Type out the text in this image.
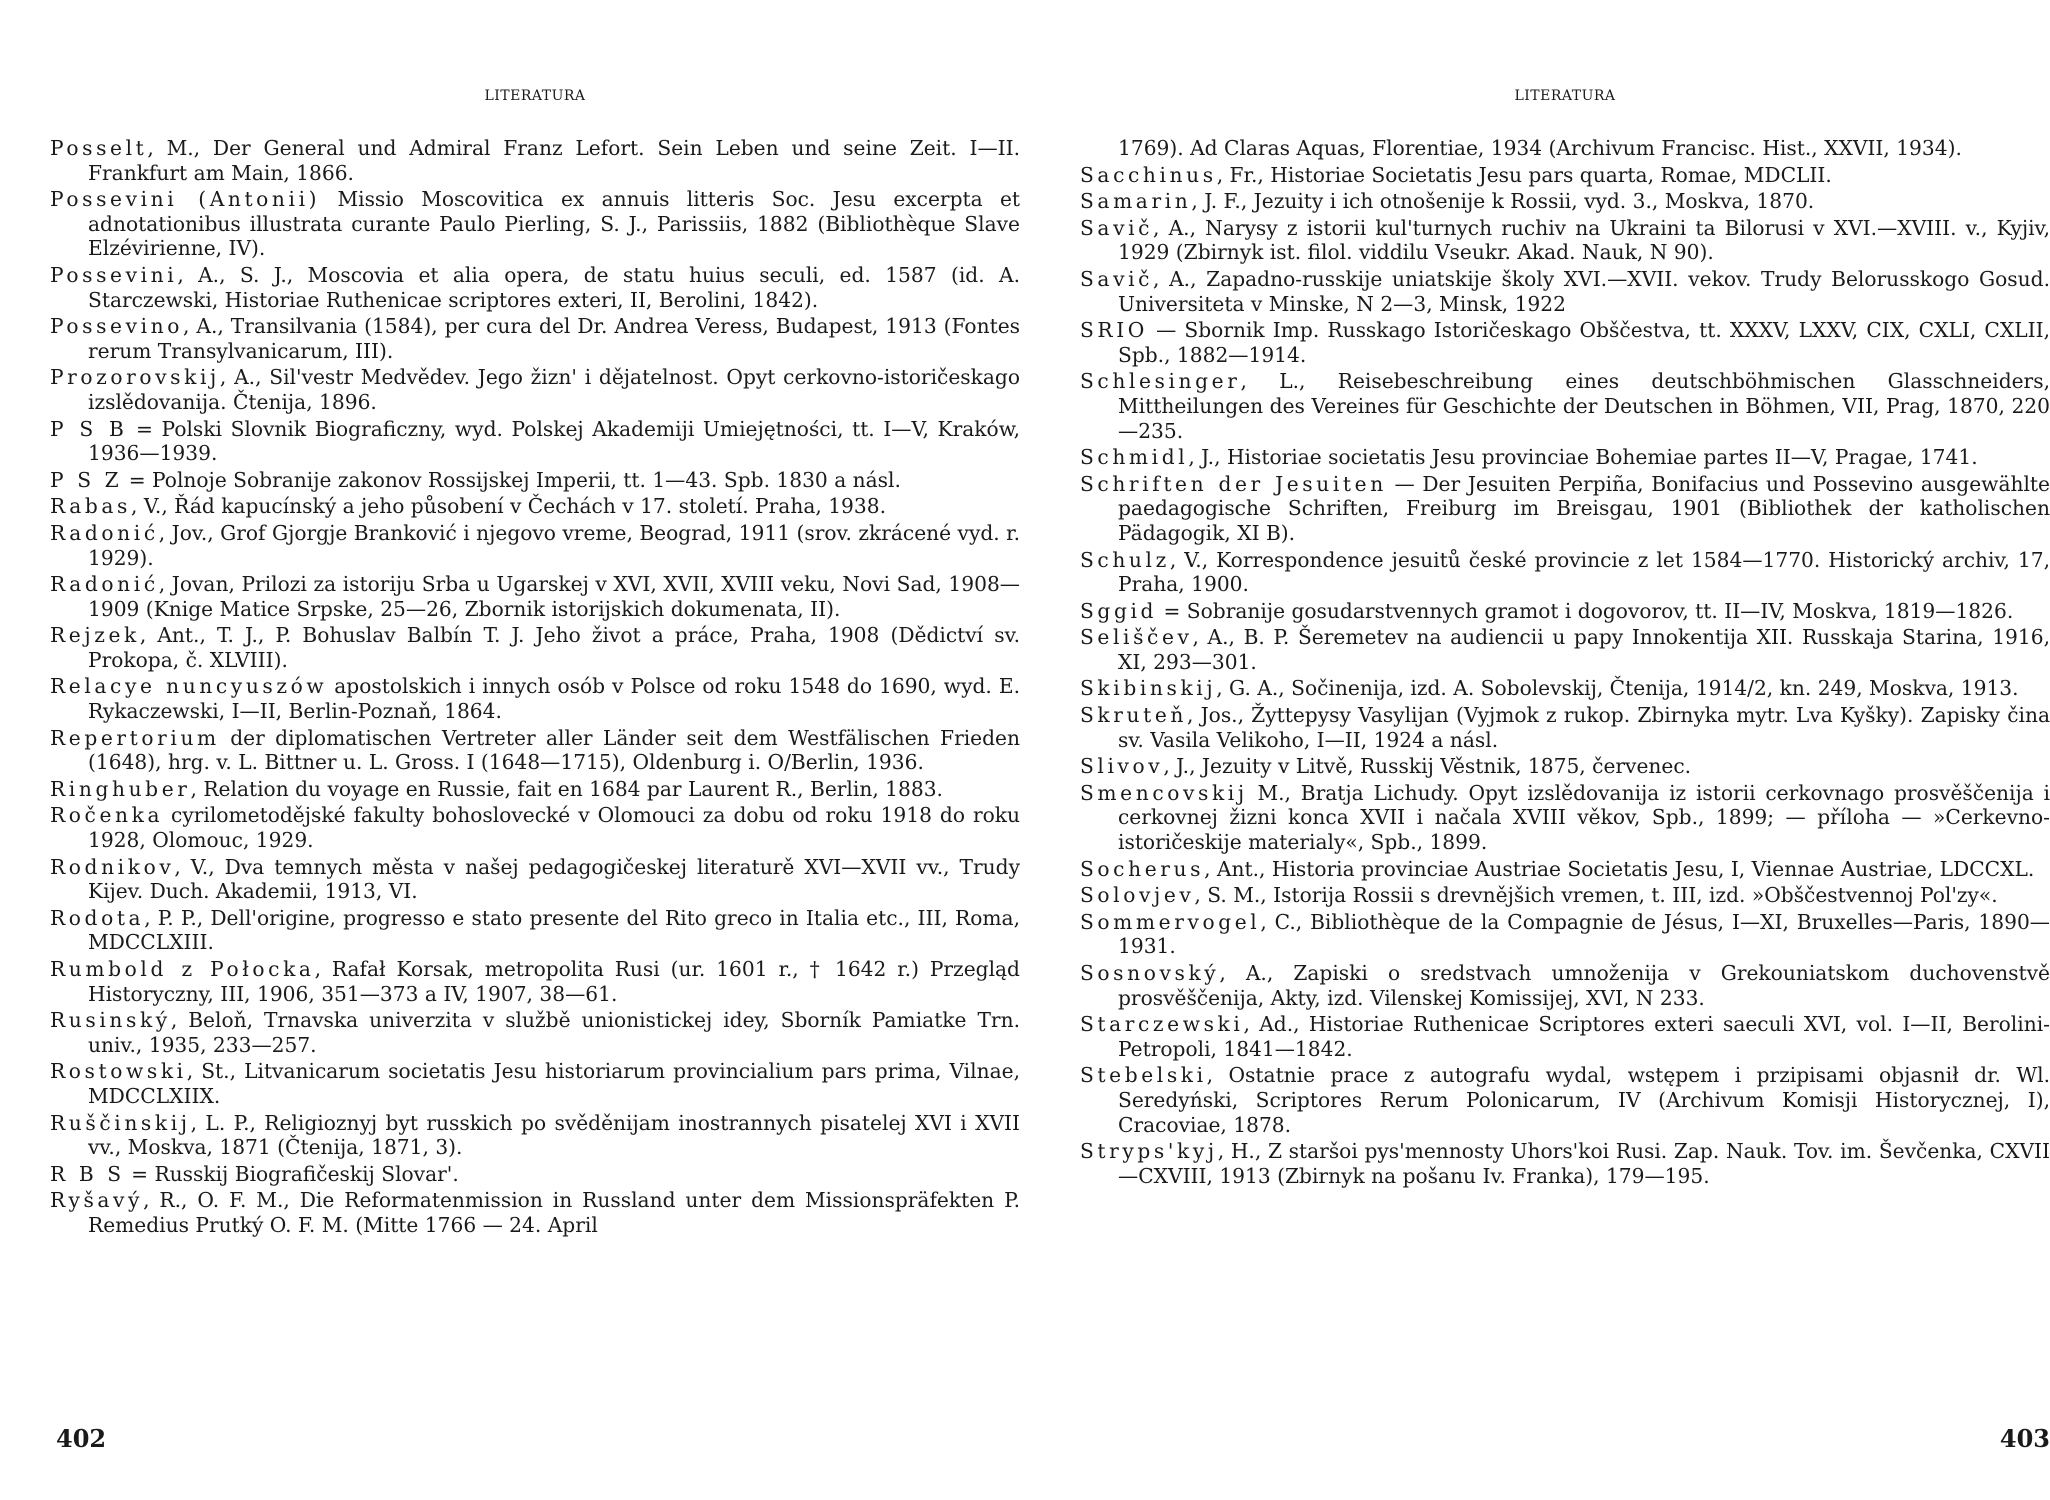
LITERATURA

Posselt, M., Der General und Admiral Franz Lefort. Sein Leben und seine Zeit. I—II. Frankfurt am Main, 1866.

Possevini (Antonii) Missio Moscovitica ex annuis litteris Soc. Jesu excerpta et adnotationibus illustrata curante Paulo Pierling, S. J., Parissiis, 1882 (Bibliothèque Slave Elzévirienne, IV).

Possevini, A., S. J., Moscovia et alia opera, de statu huius seculi, ed. 1587 (id. A. Starczewski, Historiae Ruthenicae scriptores exteri, II, Berolini, 1842).

Possevino, A., Transilvania (1584), per cura del Dr. Andrea Veress, Budapest, 1913 (Fontes rerum Transylvanicarum, III).

Prozorovskij, A., Sil'vestr Medvědev. Jego žizn' i dějatelnost. Opyt cerkovno-istoričeskago izslědovanija. Čtenija, 1896.

P S B = Polski Slovnik Biograficzny, wyd. Polskej Akademiji Umiejętności, tt. I—V, Kraków, 1936—1939.

P S Z = Polnoje Sobranije zakonov Rossijskej Imperii, tt. 1—43. Spb. 1830 a násl.

Rabas, V., Řád kapucínský a jeho působení v Čechách v 17. století. Praha, 1938.

Radonić, Jov., Grof Gjorgje Branković i njegovo vreme, Beograd, 1911 (srov. zkrácené vyd. r. 1929).

Radonić, Jovan, Prilozi za istoriju Srba u Ugarskej v XVI, XVII, XVIII veku, Novi Sad, 1908—1909 (Knige Matice Srpske, 25—26, Zbornik istorijskich dokumenata, II).

Rejzek, Ant., T. J., P. Bohuslav Balbín T. J. Jeho život a práce, Praha, 1908 (Dědictví sv. Prokopa, č. XLVIII).

Relacye nuncyuszów apostolskich i innych osób v Polsce od roku 1548 do 1690, wyd. E. Rykaczewski, I—II, Berlin-Poznaň, 1864.

Repertorium der diplomatischen Vertreter aller Länder seit dem Westfälischen Frieden (1648), hrg. v. L. Bittner u. L. Gross. I (1648—1715), Oldenburg i. O/Berlin, 1936.

Ringhuber, Relation du voyage en Russie, fait en 1684 par Laurent R., Berlin, 1883.

Ročenka cyrilometodějské fakulty bohoslovecké v Olomouci za dobu od roku 1918 do roku 1928, Olomouc, 1929.

Rodnikov, V., Dva temnych města v našej pedagogičeskej literaturě XVI—XVII vv., Trudy Kijev. Duch. Akademii, 1913, VI.

Rodota, P. P., Dell'origine, progresso e stato presente del Rito greco in Italia etc., III, Roma, MDCCLXIII.

Rumbold z Połocka, Rafał Korsak, metropolita Rusi (ur. 1601 r., † 1642 r.) Przegląd Historyczny, III, 1906, 351—373 a IV, 1907, 38—61.

Rusinský, Beloň, Trnavska univerzita v službě unionistickej idey, Sborník Pamiatke Trn. univ., 1935, 233—257.

Rostowski, St., Litvanicarum societatis Jesu historiarum provincialium pars prima, Vilnae, MDCCLXIIX.

Ruščinskij, L. P., Religioznyj byt russkich po svěděnijam inostrannych pisatelej XVI i XVII vv., Moskva, 1871 (Čtenija, 1871, 3).

R B S = Russkij Biografičeskij Slovar'.

Ryšavý, R., O. F. M., Die Reformatenmission in Russland unter dem Missionspräfekten P. Remedius Prutký O. F. M. (Mitte 1766 — 24. April

402
LITERATURA

1769). Ad Claras Aquas, Florentiae, 1934 (Archivum Francisc. Hist., XXVII, 1934).

Sacchinus, Fr., Historiae Societatis Jesu pars quarta, Romae, MDCLII.

Samarin, J. F., Jezuity i ich otnošenije k Rossii, vyd. 3., Moskva, 1870.

Savič, A., Narysy z istorii kul'turnych ruchiv na Ukraini ta Bilorusi v XVI.—XVIII. v., Kyjiv, 1929 (Zbirnyk ist. filol. viddilu Vseukr. Akad. Nauk, N 90).

Savič, A., Zapadno-russkije uniatskije školy XVI.—XVII. vekov. Trudy Belorusskogo Gosud. Universiteta v Minske, N 2—3, Minsk, 1922

SRIO — Sbornik Imp. Russkago Istoričeskago Obščestva, tt. XXXV, LXXV, CIX, CXLI, CXLII, Spb., 1882—1914.

Schlesinger, L., Reisebeschreibung eines deutschböhmischen Glasschneiders, Mittheilungen des Vereines für Geschichte der Deutschen in Böhmen, VII, Prag, 1870, 220—235.

Schmidl, J., Historiae societatis Jesu provinciae Bohemiae partes II—V, Pragae, 1741.

Schriften der Jesuiten — Der Jesuiten Perpiña, Bonifacius und Possevino ausgewählte paedagogische Schriften, Freiburg im Breisgau, 1901 (Bibliothek der katholischen Pädagogik, XI B).

Schulz, V., Korrespondence jesuitů české provincie z let 1584—1770. Historický archiv, 17, Praha, 1900.

Sggid = Sobranije gosudarstvennych gramot i dogovorov, tt. II—IV, Moskva, 1819—1826.

Seliščev, A., B. P. Šeremetev na audiencii u papy Innokentija XII. Russkaja Starina, 1916, XI, 293—301.

Skibinskij, G. A., Sočinenija, izd. A. Sobolevskij, Čtenija, 1914/2, kn. 249, Moskva, 1913.

Skruteň, Jos., Žyttepysy Vasylijan (Vyjmok z rukop. Zbirnyka mytr. Lva Kyšky). Zapisky čina sv. Vasila Velikoho, I—II, 1924 a násl.

Slivov, J., Jezuity v Litvě, Russkij Věstnik, 1875, červenec.

Smencovskij M., Bratja Lichudy. Opyt izslědovanija iz istorii cerkovnago prosvěščenija i cerkovnej žizni konca XVII i načala XVIII věkov, Spb., 1899; — příloha — »Cerkevno-istoričeskije materialy«, Spb., 1899.

Socherus, Ant., Historia provinciae Austriae Societatis Jesu, I, Viennae Austriae, LDCCXL.

Solovjev, S. M., Istorija Rossii s drevnějšich vremen, t. III, izd. »Obščestvennoj Pol'zy«.

Sommervogel, C., Bibliothèque de la Compagnie de Jésus, I—XI, Bruxelles—Paris, 1890—1931.

Sosnovský, A., Zapiski o sredstvach umnoženija v Grekouniatskom duchovenstvě prosvěščenija, Akty, izd. Vilenskej Komissijej, XVI, N 233.

Starczewski, Ad., Historiae Ruthenicae Scriptores exteri saeculi XVI, vol. I—II, Berolini-Petropoli, 1841—1842.

Stebelski, Ostatnie prace z autografu wydal, wstępem i przipisami objasnił dr. Wl. Seredyński, Scriptores Rerum Polonicarum, IV (Archivum Komisji Historycznej, I), Cracoviae, 1878.

Stryps'kyj, H., Z staršoi pys'mennosty Uhors'koi Rusi. Zap. Nauk. Tov. im. Ševčenka, CXVII—CXVIII, 1913 (Zbirnyk na pošanu Iv. Franka), 179—195.

403
